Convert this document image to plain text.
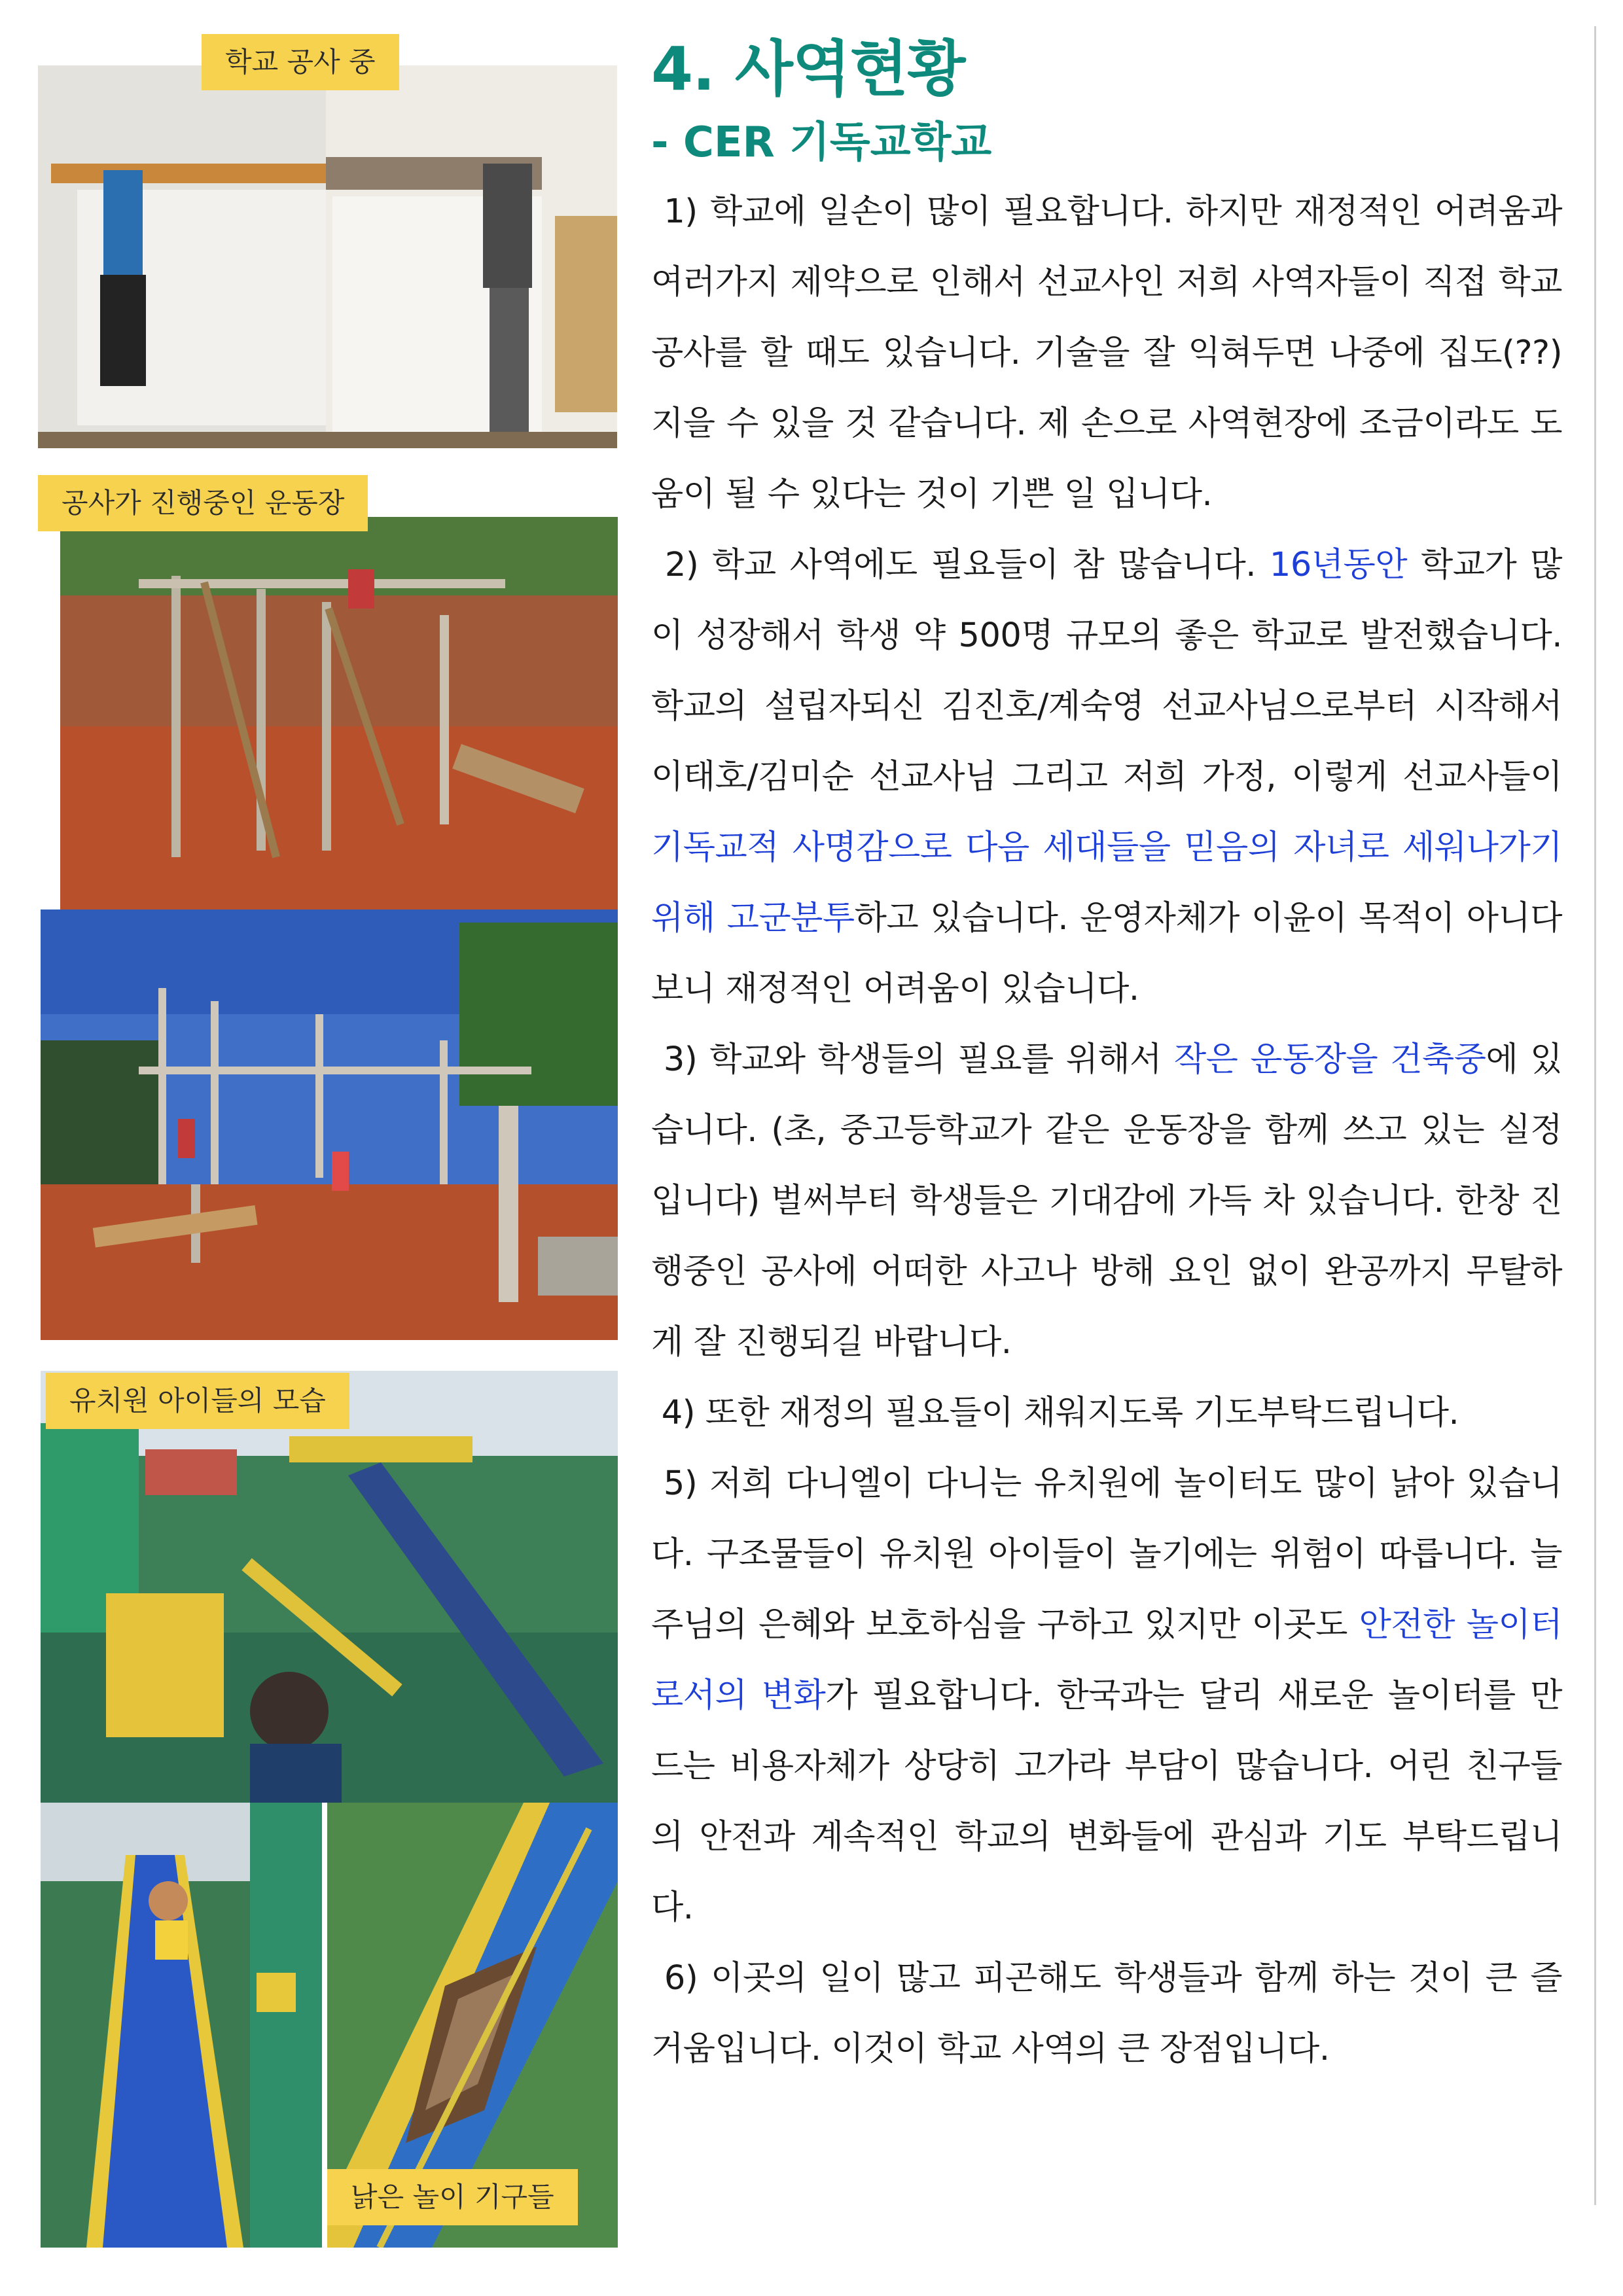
학교 공사 중
공사가 진행중인 운동장
유치원 아이들의 모습
낡은 놀이 기구들
4. 사역현황
- CER 기독교학교

1) 학교에 일손이 많이 필요합니다. 하지만 재정적인 어려움과 여러가지 제약으로 인해서 선교사인 저희 사역자들이 직접 학교 공사를 할 때도 있습니다. 기술을 잘 익혀두면 나중에 집도(??) 지을 수 있을 것 같습니다. 제 손으로 사역현장에 조금이라도 도움이 될 수 있다는 것이 기쁜 일 입니다.

2) 학교 사역에도 필요들이 참 많습니다. 16년동안 학교가 많이 성장해서 학생 약 500명 규모의 좋은 학교로 발전했습니다. 학교의 설립자되신 김진호/계숙영 선교사님으로부터 시작해서 이태호/김미순 선교사님 그리고 저희 가정, 이렇게 선교사들이 기독교적 사명감으로 다음 세대들을 믿음의 자녀로 세워나가기 위해 고군분투하고 있습니다. 운영자체가 이윤이 목적이 아니다 보니 재정적인 어려움이 있습니다.

3) 학교와 학생들의 필요를 위해서 작은 운동장을 건축중에 있습니다. (초, 중고등학교가 같은 운동장을 함께 쓰고 있는 실정입니다) 벌써부터 학생들은 기대감에 가득 차 있습니다. 한창 진행중인 공사에 어떠한 사고나 방해 요인 없이 완공까지 무탈하게 잘 진행되길 바랍니다.

4) 또한 재정의 필요들이 채워지도록 기도부탁드립니다.

5) 저희 다니엘이 다니는 유치원에 놀이터도 많이 낡아 있습니다. 구조물들이 유치원 아이들이 놀기에는 위험이 따릅니다. 늘 주님의 은혜와 보호하심을 구하고 있지만 이곳도 안전한 놀이터로서의 변화가 필요합니다. 한국과는 달리 새로운 놀이터를 만드는 비용자체가 상당히 고가라 부담이 많습니다. 어린 친구들의 안전과 계속적인 학교의 변화들에 관심과 기도 부탁드립니다.

6) 이곳의 일이 많고 피곤해도 학생들과 함께 하는 것이 큰 즐거움입니다. 이것이 학교 사역의 큰 장점입니다.
